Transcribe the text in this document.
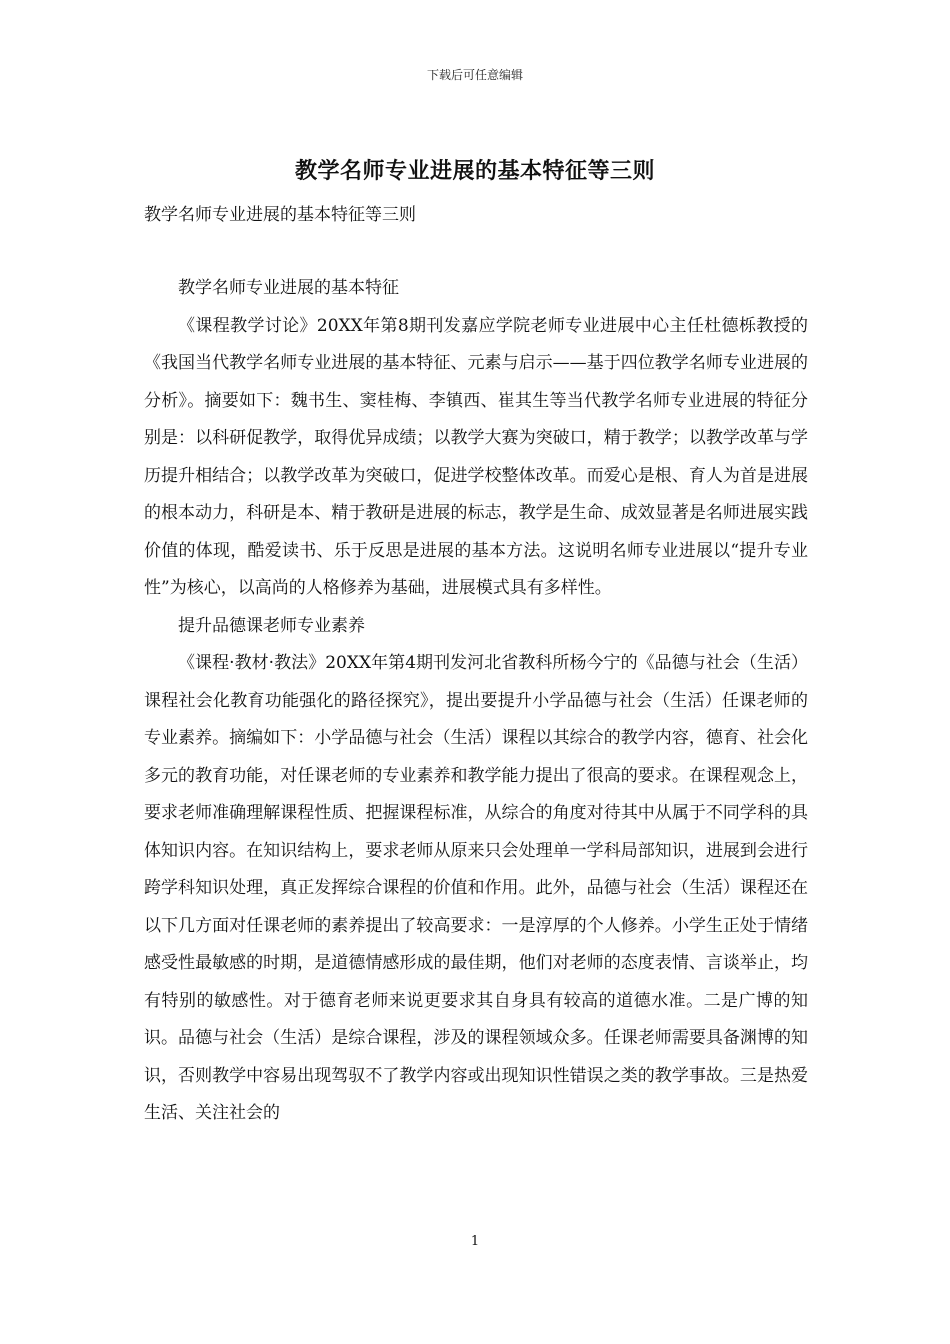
下载后可任意编辑
教学名师专业进展的基本特征等三则
教学名师专业进展的基本特征等三则

教学名师专业进展的基本特征

《课程教学讨论》20XX年第8期刊发嘉应学院老师专业进展中心主任杜德栎教授的《我国当代教学名师专业进展的基本特征、元素与启示——基于四位教学名师专业进展的分析》。摘要如下：魏书生、窦桂梅、李镇西、崔其生等当代教学名师专业进展的特征分别是：以科研促教学，取得优异成绩；以教学大赛为突破口，精于教学；以教学改革与学历提升相结合；以教学改革为突破口，促进学校整体改革。而爱心是根、育人为首是进展的根本动力，科研是本、精于教研是进展的标志，教学是生命、成效显著是名师进展实践价值的体现，酷爱读书、乐于反思是进展的基本方法。这说明名师专业进展以“提升专业性”为核心，以高尚的人格修养为基础，进展模式具有多样性。

提升品德课老师专业素养

《课程·教材·教法》20XX年第4期刊发河北省教科所杨今宁的《品德与社会（生活）课程社会化教育功能强化的路径探究》，提出要提升小学品德与社会（生活）任课老师的专业素养。摘编如下：小学品德与社会（生活）课程以其综合的教学内容，德育、社会化多元的教育功能，对任课老师的专业素养和教学能力提出了很高的要求。在课程观念上，要求老师准确理解课程性质、把握课程标准，从综合的角度对待其中从属于不同学科的具体知识内容。在知识结构上，要求老师从原来只会处理单一学科局部知识，进展到会进行跨学科知识处理，真正发挥综合课程的价值和作用。此外，品德与社会（生活）课程还在以下几方面对任课老师的素养提出了较高要求：一是淳厚的个人修养。小学生正处于情绪感受性最敏感的时期，是道德情感形成的最佳期，他们对老师的态度表情、言谈举止，均有特别的敏感性。对于德育老师来说更要求其自身具有较高的道德水准。二是广博的知识。品德与社会（生活）是综合课程，涉及的课程领域众多。任课老师需要具备渊博的知识，否则教学中容易出现驾驭不了教学内容或出现知识性错误之类的教学事故。三是热爱生活、关注社会的

1
